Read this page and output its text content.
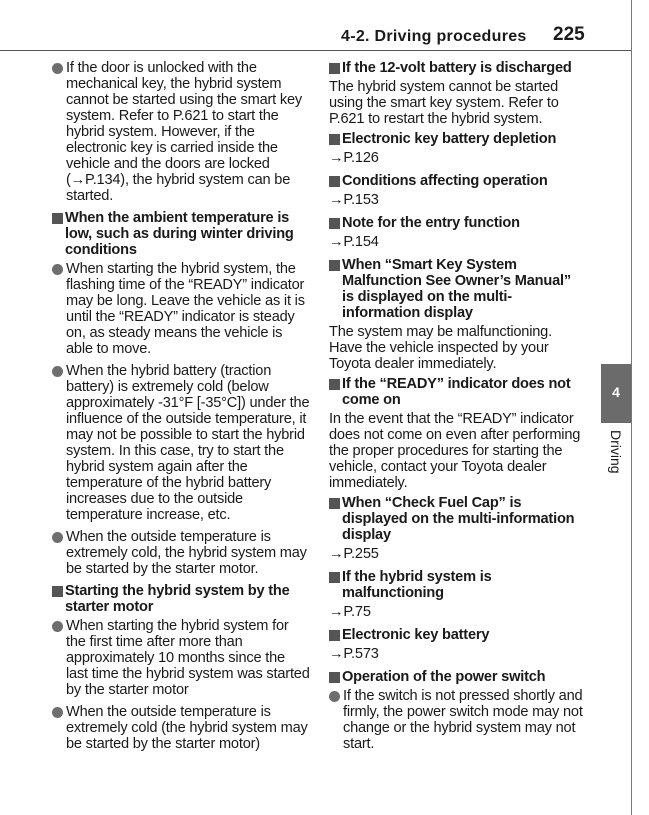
4-2. Driving procedures 225
4
Driving
If the door is unlocked with the mechanical key, the hybrid system cannot be started using the smart key system. Refer to P.621 to start the hybrid system. However, if the electronic key is carried inside the vehicle and the doors are locked (→P.134), the hybrid system can be started.
When the ambient temperature is low, such as during winter driving conditions
When starting the hybrid system, the flashing time of the “READY” indicator may be long. Leave the vehicle as it is until the “READY” indicator is steady on, as steady means the vehicle is able to move.
When the hybrid battery (traction battery) is extremely cold (below approximately -31°F [-35°C]) under the influence of the outside temperature, it may not be possible to start the hybrid system. In this case, try to start the hybrid system again after the temperature of the hybrid battery increases due to the outside temperature increase, etc.
When the outside temperature is extremely cold, the hybrid system may be started by the starter motor.
Starting the hybrid system by the starter motor
When starting the hybrid system for the first time after more than approximately 10 months since the last time the hybrid system was started by the starter motor
When the outside temperature is extremely cold (the hybrid system may be started by the starter motor)
If the 12-volt battery is discharged
The hybrid system cannot be started using the smart key system. Refer to P.621 to restart the hybrid system.
Electronic key battery depletion
→P.126
Conditions affecting operation
→P.153
Note for the entry function
→P.154
When “Smart Key System Malfunction See Owner’s Manual” is displayed on the multi-information display
The system may be malfunctioning. Have the vehicle inspected by your Toyota dealer immediately.
If the “READY” indicator does not come on
In the event that the “READY” indicator does not come on even after performing the proper procedures for starting the vehicle, contact your Toyota dealer immediately.
When “Check Fuel Cap” is displayed on the multi-information display
→P.255
If the hybrid system is malfunctioning
→P.75
Electronic key battery
→P.573
Operation of the power switch
If the switch is not pressed shortly and firmly, the power switch mode may not change or the hybrid system may not start.
